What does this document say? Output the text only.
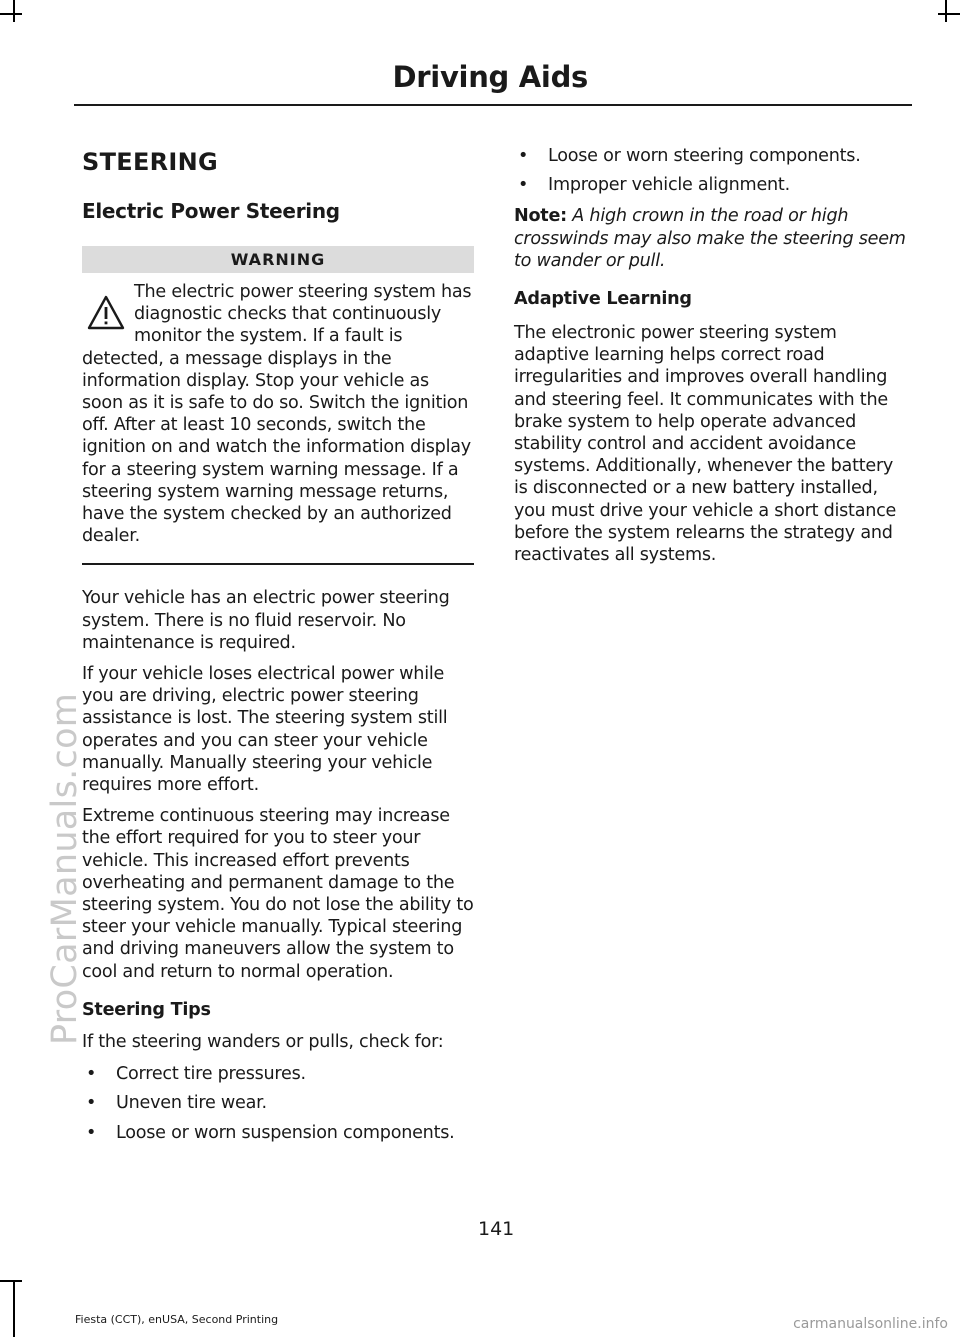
Driving Aids
ProCarManuals.com
STEERING
Electric Power Steering
WARNING
The electric power steering system has diagnostic checks that continuously monitor the system. If a fault is detected, a message displays in the information display. Stop your vehicle as soon as it is safe to do so. Switch the ignition off. After at least 10 seconds, switch the ignition on and watch the information display for a steering system warning message. If a steering system warning message returns, have the system checked by an authorized dealer.

Your vehicle has an electric power steering system. There is no fluid reservoir. No maintenance is required.

If your vehicle loses electrical power while you are driving, electric power steering assistance is lost. The steering system still operates and you can steer your vehicle manually. Manually steering your vehicle requires more effort.

Extreme continuous steering may increase the effort required for you to steer your vehicle. This increased effort prevents overheating and permanent damage to the steering system. You do not lose the ability to steer your vehicle manually. Typical steering and driving maneuvers allow the system to cool and return to normal operation.

Steering Tips

If the steering wanders or pulls, check for:

• Correct tire pressures.
• Uneven tire wear.
• Loose or worn suspension components.
• Loose or worn steering components.
• Improper vehicle alignment.

Note: A high crown in the road or high crosswinds may also make the steering seem to wander or pull.

Adaptive Learning

The electronic power steering system adaptive learning helps correct road irregularities and improves overall handling and steering feel. It communicates with the brake system to help operate advanced stability control and accident avoidance systems. Additionally, whenever the battery is disconnected or a new battery installed, you must drive your vehicle a short distance before the system relearns the strategy and reactivates all systems.

141
Fiesta (CCT), enUSA, Second Printing	carmanualsonline.info
